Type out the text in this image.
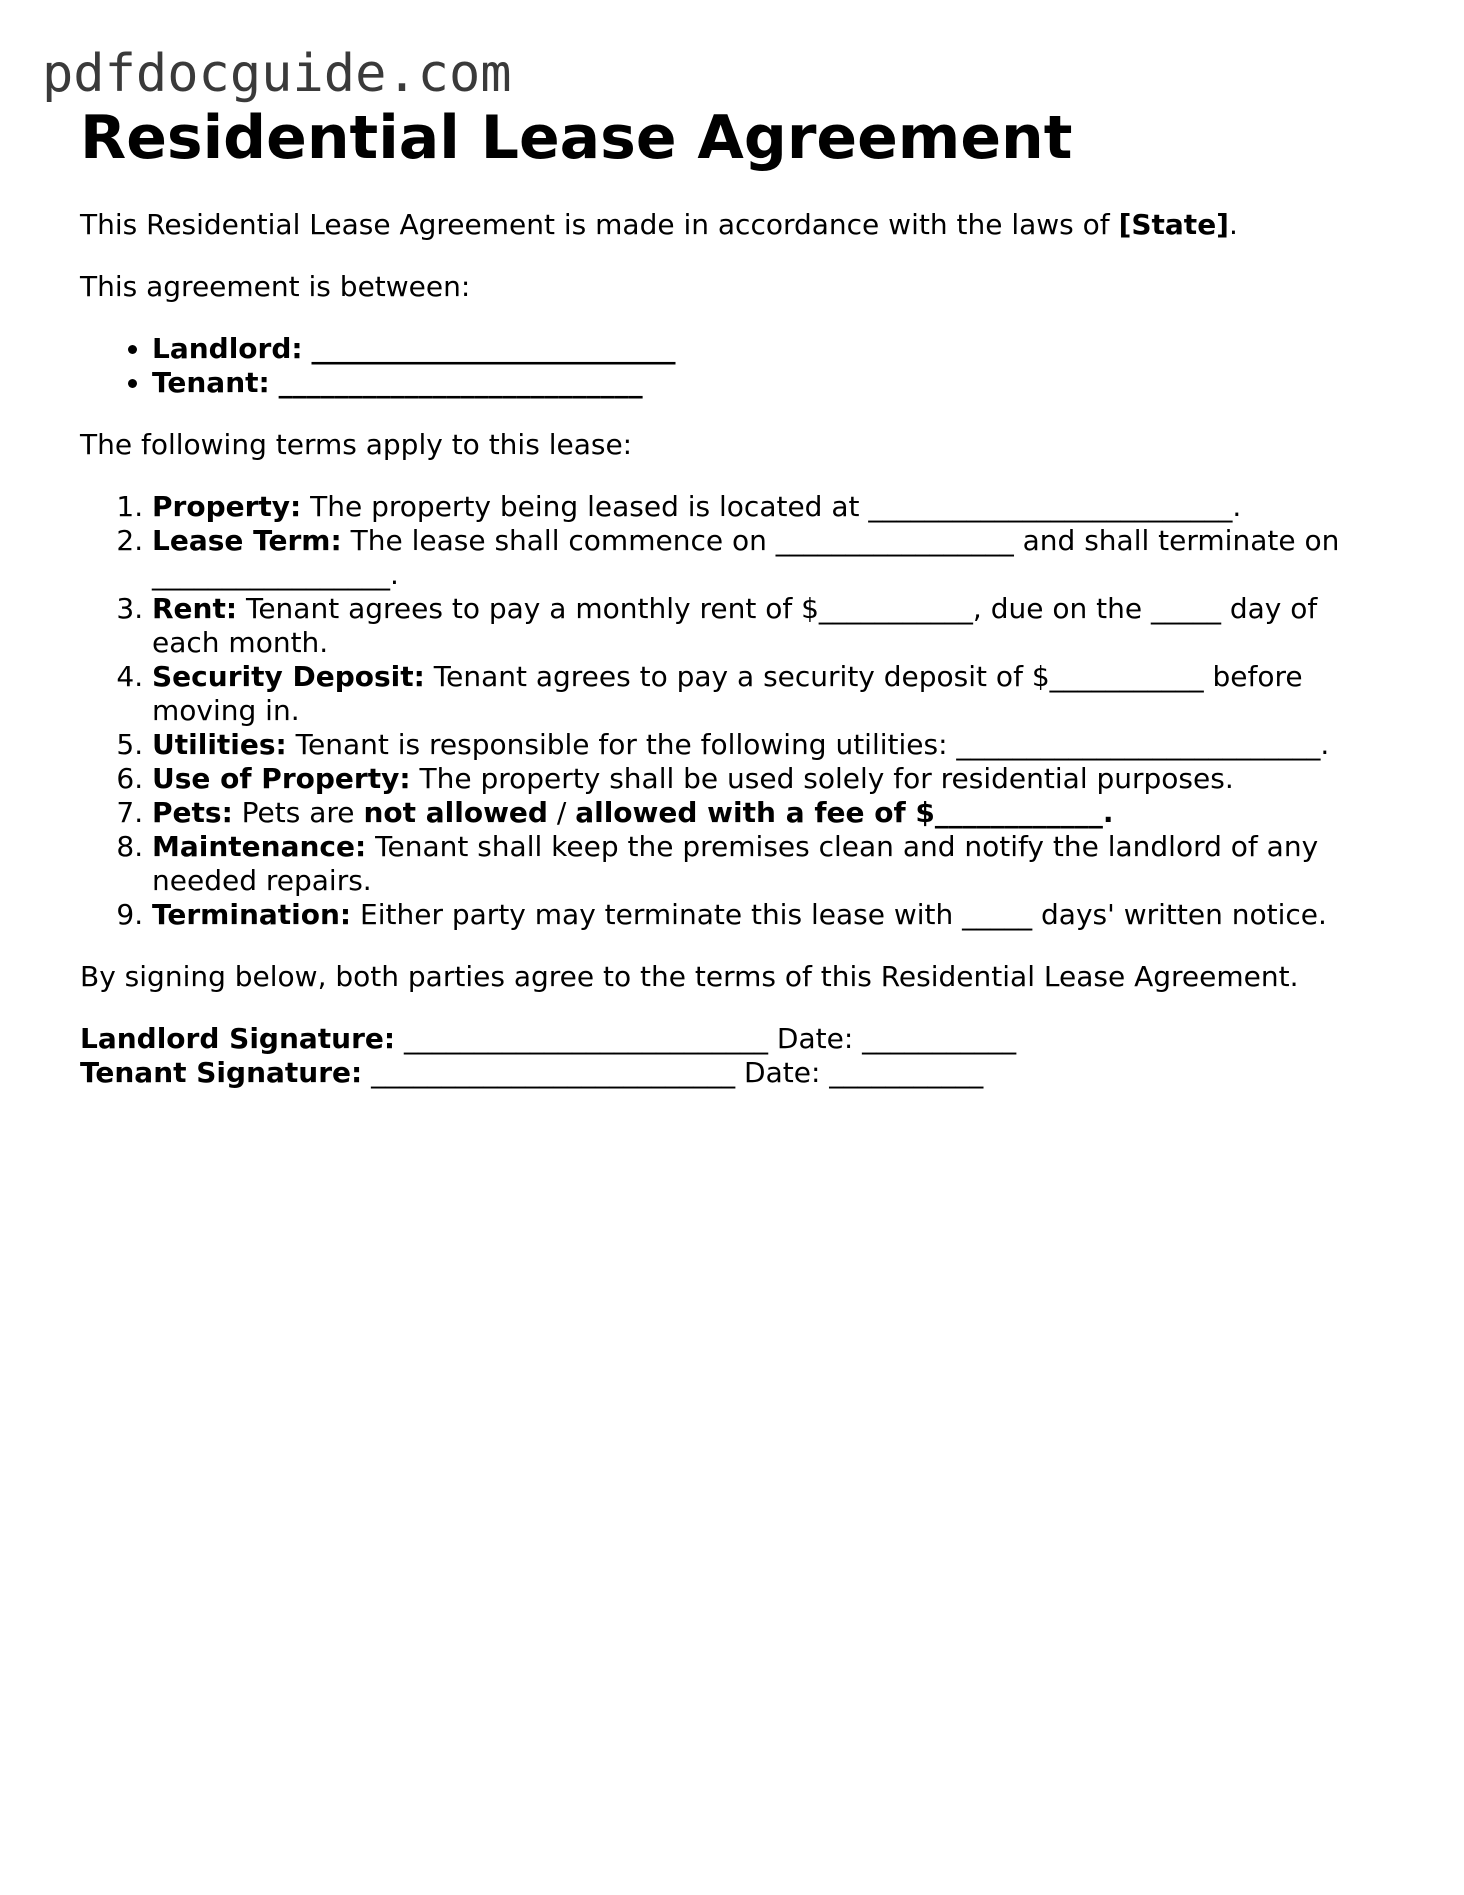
pdfdocguide.com
Residential Lease Agreement

This Residential Lease Agreement is made in accordance with the laws of [State].

This agreement is between:

• Landlord: __________________________
• Tenant: __________________________

The following terms apply to this lease:

1. Property: The property being leased is located at __________________________.
2. Lease Term: The lease shall commence on _________________ and shall terminate on _________________.
3. Rent: Tenant agrees to pay a monthly rent of $___________, due on the _____ day of each month.
4. Security Deposit: Tenant agrees to pay a security deposit of $___________ before moving in.
5. Utilities: Tenant is responsible for the following utilities: __________________________.
6. Use of Property: The property shall be used solely for residential purposes.
7. Pets: Pets are not allowed / allowed with a fee of $____________.
8. Maintenance: Tenant shall keep the premises clean and notify the landlord of any needed repairs.
9. Termination: Either party may terminate this lease with _____ days' written notice.

By signing below, both parties agree to the terms of this Residential Lease Agreement.

Landlord Signature: __________________________ Date: ___________
Tenant Signature: __________________________ Date: ___________
